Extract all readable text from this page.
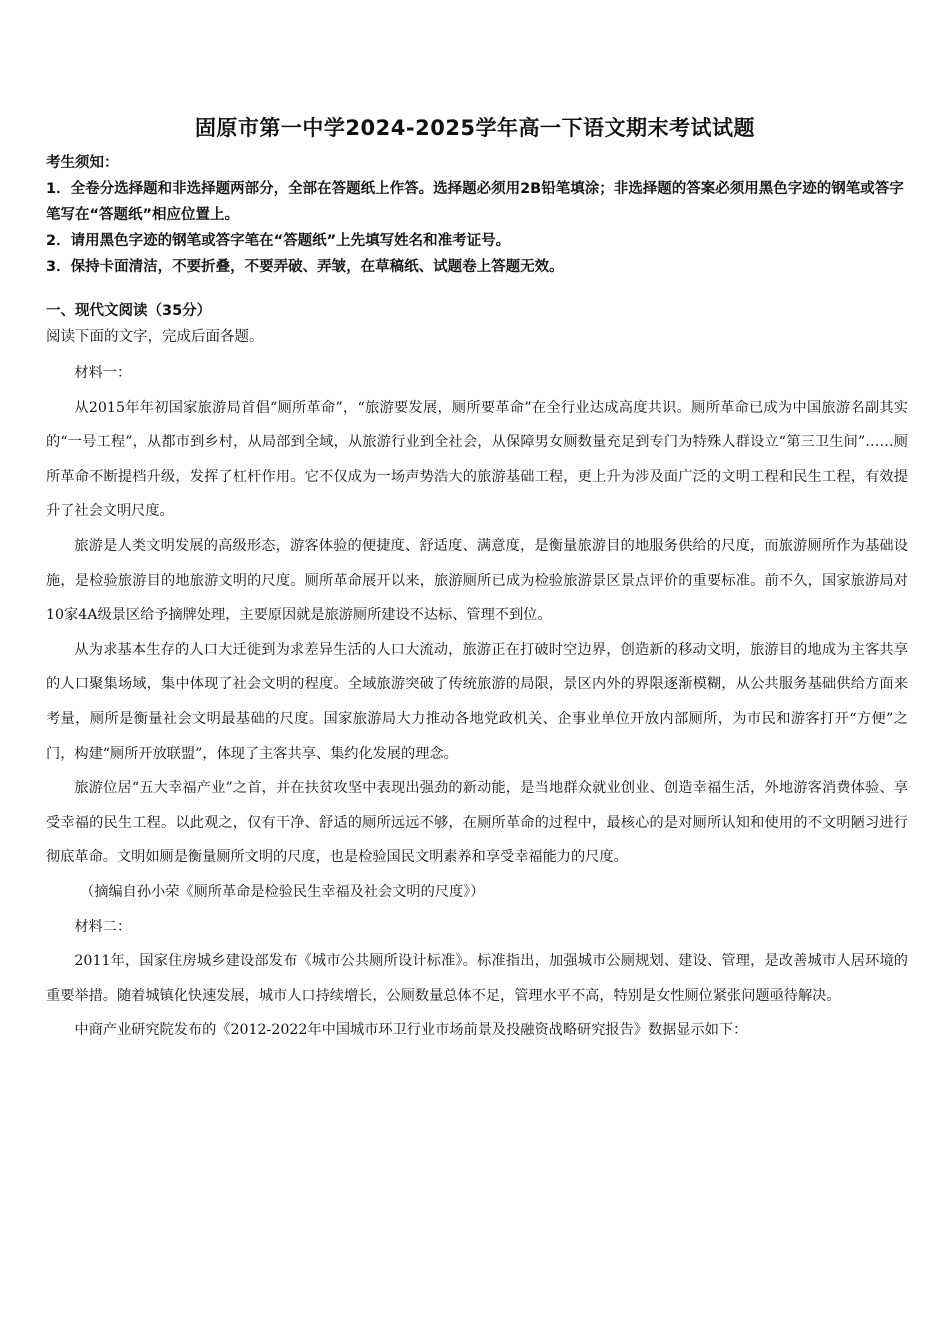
固原市第一中学2024-2025学年高一下语文期末考试试题
考生须知：
1．全卷分选择题和非选择题两部分，全部在答题纸上作答。选择题必须用2B铅笔填涂；非选择题的答案必须用黑色字迹的钢笔或答字笔写在“答题纸”相应位置上。
2．请用黑色字迹的钢笔或答字笔在“答题纸”上先填写姓名和准考证号。
3．保持卡面清洁，不要折叠，不要弄破、弄皱，在草稿纸、试题卷上答题无效。
一、现代文阅读（35分）
阅读下面的文字，完成后面各题。

材料一：

从2015年年初国家旅游局首倡“厕所革命”，“旅游要发展，厕所要革命”在全行业达成高度共识。厕所革命已成为中国旅游名副其实的“一号工程”，从都市到乡村，从局部到全域，从旅游行业到全社会，从保障男女厕数量充足到专门为特殊人群设立“第三卫生间”……厕所革命不断提档升级，发挥了杠杆作用。它不仅成为一场声势浩大的旅游基础工程，更上升为涉及面广泛的文明工程和民生工程，有效提升了社会文明尺度。

旅游是人类文明发展的高级形态，游客体验的便捷度、舒适度、满意度，是衡量旅游目的地服务供给的尺度，而旅游厕所作为基础设施，是检验旅游目的地旅游文明的尺度。厕所革命展开以来，旅游厕所已成为检验旅游景区景点评价的重要标准。前不久，国家旅游局对10家4A级景区给予摘牌处理，主要原因就是旅游厕所建设不达标、管理不到位。

从为求基本生存的人口大迁徙到为求差异生活的人口大流动，旅游正在打破时空边界，创造新的移动文明，旅游目的地成为主客共享的人口聚集场域，集中体现了社会文明的程度。全域旅游突破了传统旅游的局限，景区内外的界限逐渐模糊，从公共服务基础供给方面来考量，厕所是衡量社会文明最基础的尺度。国家旅游局大力推动各地党政机关、企事业单位开放内部厕所，为市民和游客打开“方便”之门，构建“厕所开放联盟”，体现了主客共享、集约化发展的理念。

旅游位居“五大幸福产业”之首，并在扶贫攻坚中表现出强劲的新动能，是当地群众就业创业、创造幸福生活，外地游客消费体验、享受幸福的民生工程。以此观之，仅有干净、舒适的厕所远远不够，在厕所革命的过程中，最核心的是对厕所认知和使用的不文明陋习进行彻底革命。文明如厕是衡量厕所文明的尺度，也是检验国民文明素养和享受幸福能力的尺度。

（摘编自孙小荣《厕所革命是检验民生幸福及社会文明的尺度》）

材料二：

2011年，国家住房城乡建设部发布《城市公共厕所设计标准》。标准指出，加强城市公厕规划、建设、管理，是改善城市人居环境的重要举措。随着城镇化快速发展，城市人口持续增长，公厕数量总体不足，管理水平不高，特别是女性厕位紧张问题亟待解决。

中商产业研究院发布的《2012-2022年中国城市环卫行业市场前景及投融资战略研究报告》数据显示如下：
